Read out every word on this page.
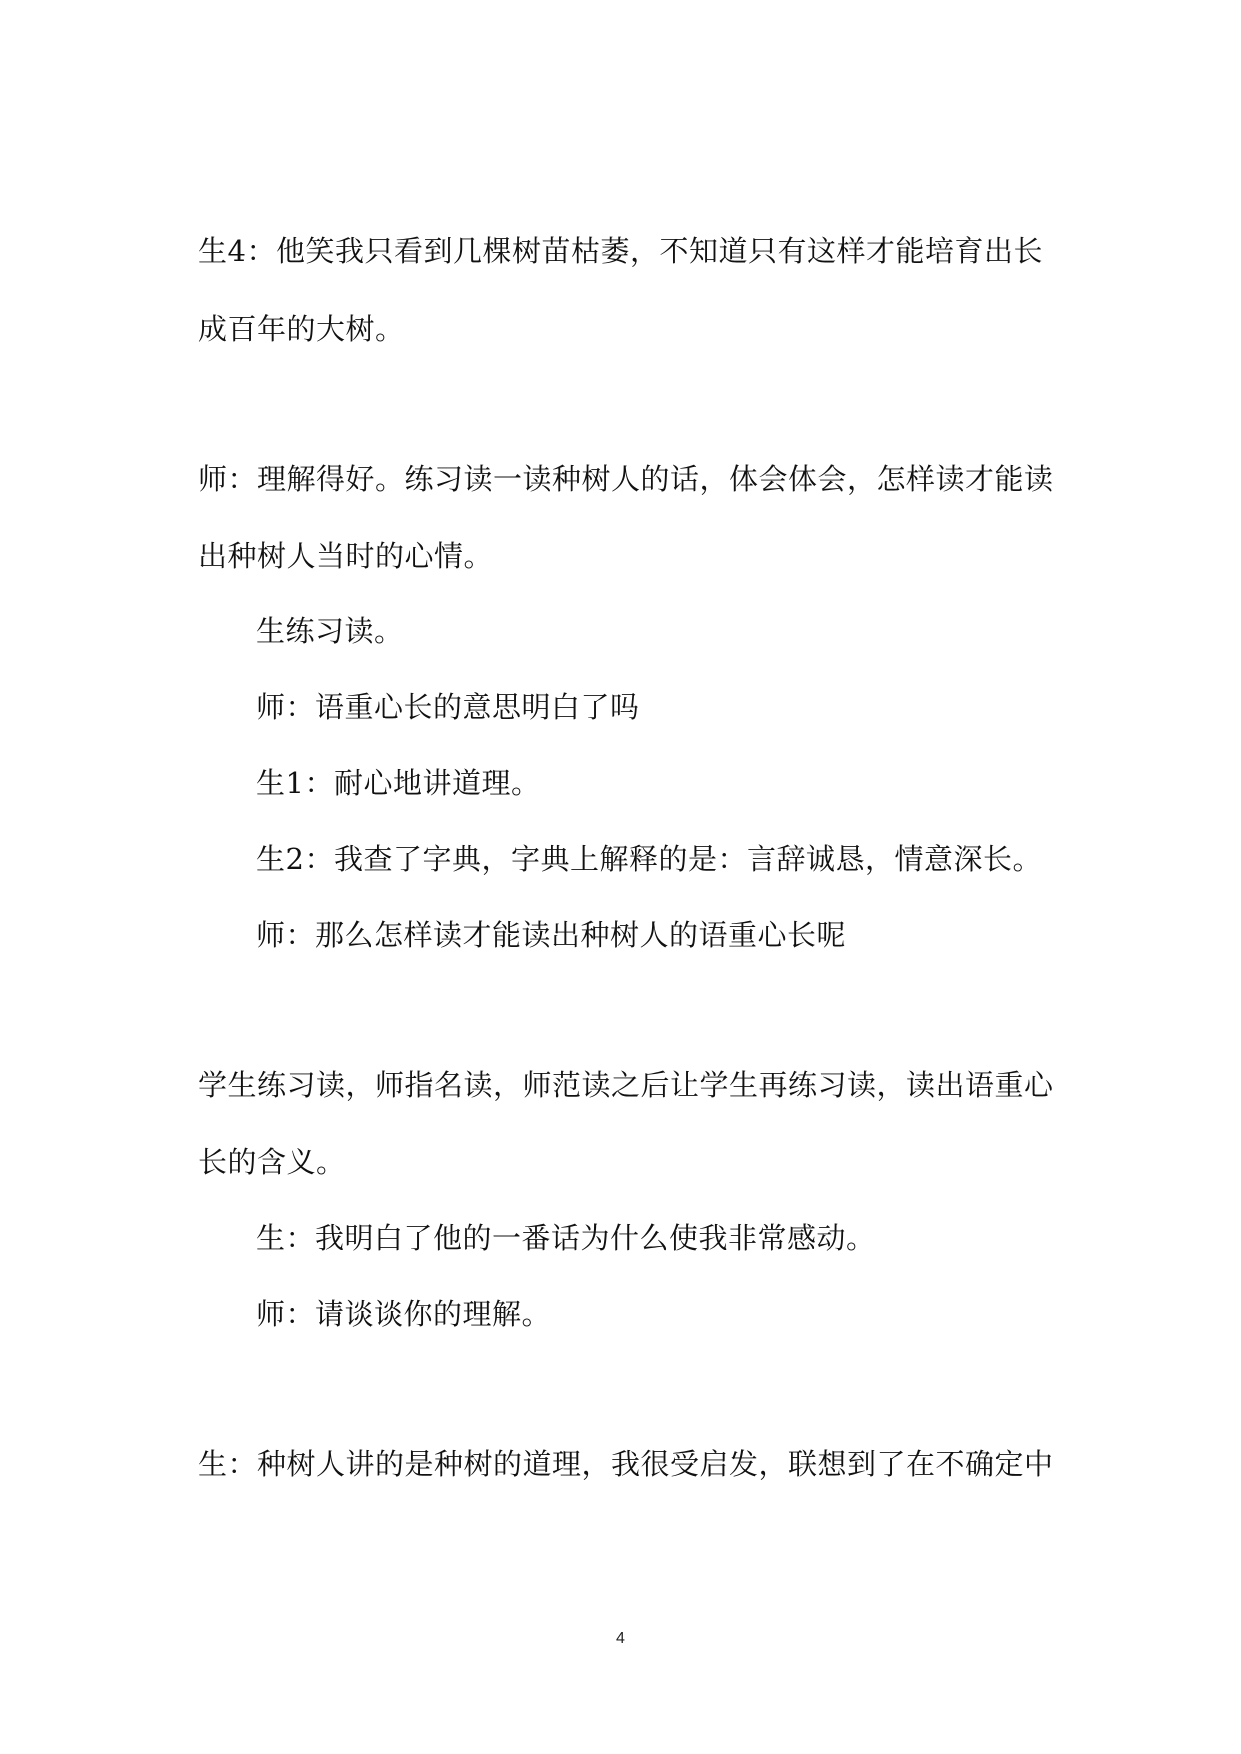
生4：他笑我只看到几棵树苗枯萎，不知道只有这样才能培育出长
成百年的大树。
师：理解得好。练习读一读种树人的话，体会体会，怎样读才能读
出种树人当时的心情。
生练习读。
师：语重心长的意思明白了吗
生1：耐心地讲道理。
生2：我查了字典，字典上解释的是：言辞诚恳，情意深长。
师：那么怎样读才能读出种树人的语重心长呢
学生练习读，师指名读，师范读之后让学生再练习读，读出语重心
长的含义。
生：我明白了他的一番话为什么使我非常感动。
师：请谈谈你的理解。
生：种树人讲的是种树的道理，我很受启发，联想到了在不确定中
4
